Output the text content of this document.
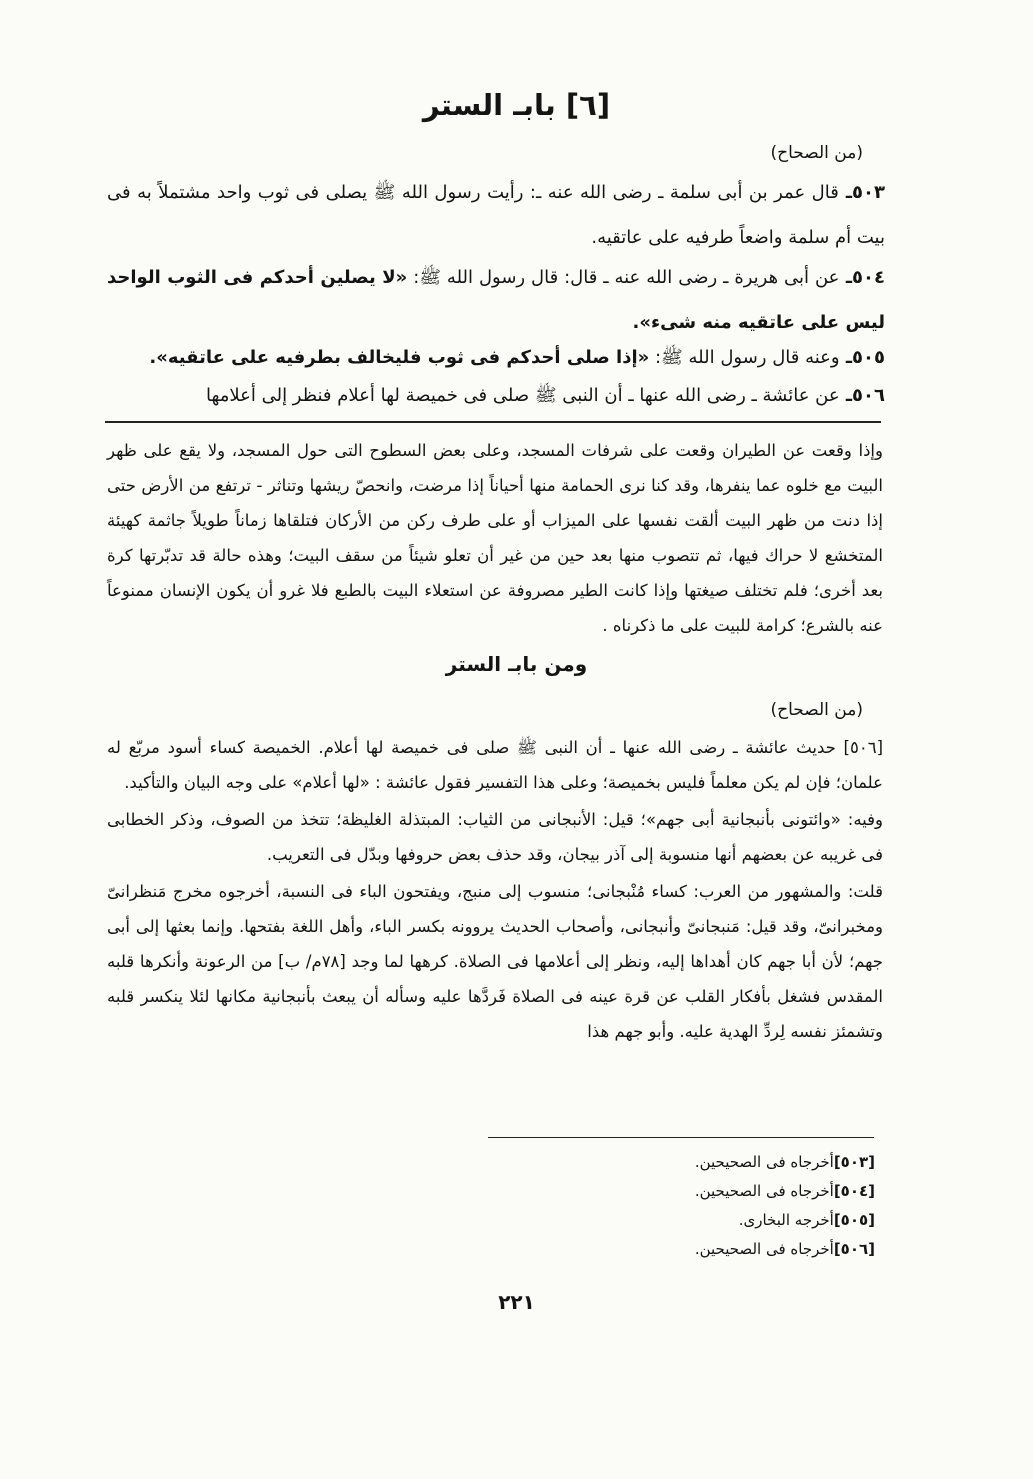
[٦] بابـ الستر
(من الصحاح)
٥٠٣ـ قال عمر بن أبى سلمة ـ رضى الله عنه ـ: رأيت رسول الله ﷺ يصلى فى ثوب واحد مشتملاً به فى بيت أم سلمة واضعاً طرفيه على عاتقيه.
٥٠٤ـ عن أبى هريرة ـ رضى الله عنه ـ قال: قال رسول الله ﷺ: «لا يصلين أحدكم فى الثوب الواحد ليس على عاتقيه منه شىء».
٥٠٥ـ وعنه قال رسول الله ﷺ: «إذا صلى أحدكم فى ثوب فليخالف بطرفيه على عاتقيه».
٥٠٦ـ عن عائشة ـ رضى الله عنها ـ أن النبى ﷺ صلى فى خميصة لها أعلام فنظر إلى أعلامها
وإذا وقعت عن الطيران وقعت على شرفات المسجد، وعلى بعض السطوح التى حول المسجد، ولا يقع على ظهر البيت مع خلوه عما ينفرها، وقد كنا نرى الحمامة منها أحياناً إذا مرضت، وانحصّ ريشها وتناثر - ترتفع من الأرض حتى إذا دنت من ظهر البيت ألقت نفسها على الميزاب أو على طرف ركن من الأركان فتلقاها زماناً طويلاً جاثمة كهيئة المتخشع لا حراك فيها، ثم تتصوب منها بعد حين من غير أن تعلو شيئاً من سقف البيت؛ وهذه حالة قد تدبّرتها كرة بعد أخرى؛ فلم تختلف صيغتها وإذا كانت الطير مصروفة عن استعلاء البيت بالطبع فلا غرو أن يكون الإنسان ممنوعاً عنه بالشرع؛ كرامة للبيت على ما ذكرناه .
ومن بابـ الستر
(من الصحاح)

[٥٠٦] حديث عائشة ـ رضى الله عنها ـ أن النبى ﷺ صلى فى خميصة لها أعلام. الخميصة كساء أسود مربّع له علمان؛ فإن لم يكن معلماً فليس بخميصة؛ وعلى هذا التفسير فقول عائشة : «لها أعلام» على وجه البيان والتأكيد.

وفيه: «وائتونى بأنبجانية أبى جهم»؛ قيل: الأنبجانى من الثياب: المبتذلة الغليظة؛ تتخذ من الصوف، وذكر الخطابى فى غريبه عن بعضهم أنها منسوبة إلى آذر بيجان، وقد حذف بعض حروفها وبدّل فى التعريب.

قلت: والمشهور من العرب: كساء مُنْبجانى؛ منسوب إلى منبج، ويفتحون الباء فى النسبة، أخرجوه مخرج مَنظرانىّ ومخبرانىّ، وقد قيل: مَنبجانىّ وأنبجانى، وأصحاب الحديث يروونه بكسر الباء، وأهل اللغة بفتحها. وإنما بعثها إلى أبى جهم؛ لأن أبا جهم كان أهداها إليه، ونظر إلى أعلامها فى الصلاة. كرهها لما وجد [٧٨م/ ب] من الرعونة وأنكرها قلبه المقدس فشغل بأفكار القلب عن قرة عينه فى الصلاة فَردَّها عليه وسأله أن يبعث بأنبجانية مكانها لئلا ينكسر قلبه وتشمئز نفسه لِردِّ الهدية عليه. وأبو جهم هذا

[٥٠٣]أخرجاه فى الصحيحين.
[٥٠٤]أخرجاه فى الصحيحين.
[٥٠٥]أخرجه البخارى.
[٥٠٦]أخرجاه فى الصحيحين.
٢٢١
